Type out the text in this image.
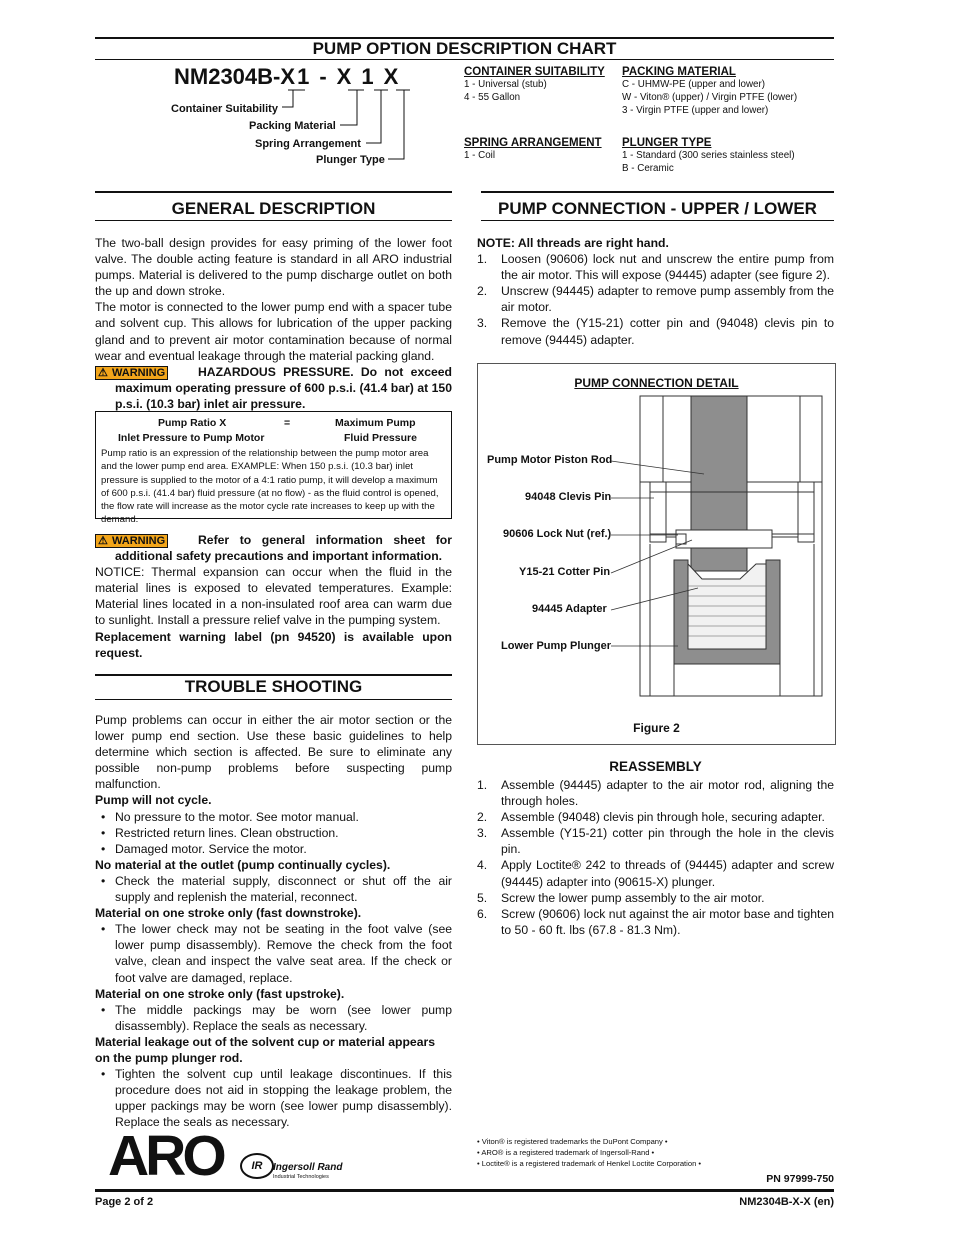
PUMP OPTION DESCRIPTION CHART
NM2304B-X1 - X 1 X
Container Suitability
Packing Material
Spring Arrangement
Plunger Type
CONTAINER SUITABILITY
1 - Universal (stub)
4 - 55 Gallon
PACKING MATERIAL
C - UHMW-PE (upper and lower)
W - Viton® (upper) / Virgin PTFE (lower)
3 - Virgin PTFE (upper and lower)
SPRING ARRANGEMENT
1 - Coil
PLUNGER TYPE
1 - Standard (300 series stainless steel)
B - Ceramic
GENERAL DESCRIPTION

The two-ball design provides for easy priming of the lower foot valve. The double acting feature is standard in all ARO industrial pumps. Material is delivered to the pump discharge outlet on both the up and down stroke.

The motor is connected to the lower pump end with a spacer tube and solvent cup. This allows for lubrication of the upper packing gland and to prevent air motor contamination because of normal wear and eventual leakage through the material packing gland.

⚠ WARNING	HAZARDOUS PRESSURE. Do not exceed maximum operating pressure of 600 p.s.i. (41.4 bar) at 150 p.s.i. (10.3 bar) inlet air pressure.

Pump Ratio X	=	Maximum Pump
Inlet Pressure to Pump Motor	Fluid Pressure
Pump ratio is an expression of the relationship between the pump motor area and the lower pump end area. EXAMPLE: When 150 p.s.i. (10.3 bar) inlet pressure is supplied to the motor of a 4:1 ratio pump, it will develop a maximum of 600 p.s.i. (41.4 bar) fluid pressure (at no flow) - as the fluid control is opened, the flow rate will increase as the motor cycle rate increases to keep up with the demand.
⚠ WARNING	Refer to general information sheet for additional safety precautions and important information.

NOTICE: Thermal expansion can occur when the fluid in the material lines is exposed to elevated temperatures. Example: Material lines located in a non-insulated roof area can warm due to sunlight. Install a pressure relief valve in the pumping system.

Replacement warning label (pn 94520) is available upon request.

TROUBLE SHOOTING

Pump problems can occur in either the air motor section or the lower pump end section. Use these basic guidelines to help determine which section is affected. Be sure to eliminate any possible non-pump problems before suspecting pump malfunction.

Pump will not cycle.

• No pressure to the motor. See motor manual.
• Restricted return lines. Clean obstruction.
• Damaged motor. Service the motor.

No material at the outlet (pump continually cycles).

• Check the material supply, disconnect or shut off the air supply and replenish the material, reconnect.

Material on one stroke only (fast downstroke).

• The lower check may not be seating in the foot valve (see lower pump disassembly). Remove the check from the foot valve, clean and inspect the valve seat area. If the check or foot valve are damaged, replace.

Material on one stroke only (fast upstroke).

• The middle packings may be worn (see lower pump disassembly). Replace the seals as necessary.

Material leakage out of the solvent cup or material appears on the pump plunger rod.

• Tighten the solvent cup until leakage discontinues. If this procedure does not aid in stopping the leakage problem, the upper packings may be worn (see lower pump disassembly). Replace the seals as necessary.
PUMP CONNECTION - UPPER / LOWER

NOTE: All threads are right hand.

1. Loosen (90606) lock nut and unscrew the entire pump from the air motor. This will expose (94445) adapter (see figure 2).
2. Unscrew (94445) adapter to remove pump assembly from the air motor.
3. Remove the (Y15-21) cotter pin and (94048) clevis pin to remove (94445) adapter.
PUMP CONNECTION DETAIL
Pump Motor Piston Rod
94048 Clevis Pin
90606 Lock Nut (ref.)
Y15-21 Cotter Pin
94445 Adapter
Lower Pump Plunger
Figure 2
REASSEMBLY
1. Assemble (94445) adapter to the air motor rod, aligning the through holes.
2. Assemble (94048) clevis pin through hole, securing adapter.
3. Assemble (Y15-21) cotter pin through the hole in the clevis pin.
4. Apply Loctite® 242 to threads of (94445) adapter and screw (94445) adapter into (90615-X) plunger.
5. Screw the lower pump assembly to the air motor.
6. Screw (90606) lock nut against the air motor base and tighten to 50 - 60 ft. lbs (67.8 - 81.3 Nm).
ARO	IR	Ingersoll Rand
Industrial Technologies
• Viton® is registered trademarks the DuPont Company •
• ARO® is a registered trademark of Ingersoll-Rand •
• Loctite® is a registered trademark of Henkel Loctite Corporation •
PN 97999-750
Page 2 of 2	NM2304B-X-X (en)
